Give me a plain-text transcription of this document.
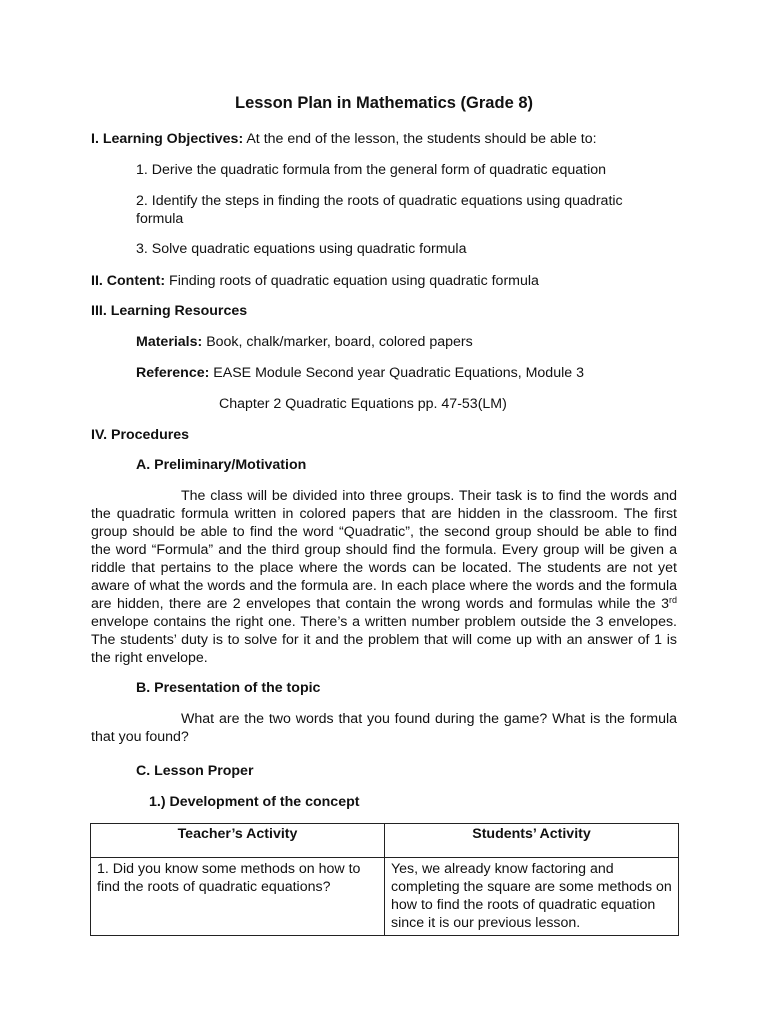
Lesson Plan in Mathematics (Grade 8)
I. Learning Objectives: At the end of the lesson, the students should be able to:
1. Derive the quadratic formula from the general form of quadratic equation
2. Identify the steps in finding the roots of quadratic equations using quadratic formula
3. Solve quadratic equations using quadratic formula
II. Content: Finding roots of quadratic equation using quadratic formula
III. Learning Resources
Materials: Book, chalk/marker, board, colored papers
Reference: EASE Module Second year Quadratic Equations, Module 3
Chapter 2 Quadratic Equations pp. 47-53(LM)
IV. Procedures
A. Preliminary/Motivation
The class will be divided into three groups. Their task is to find the words and the quadratic formula written in colored papers that are hidden in the classroom. The first group should be able to find the word “Quadratic”, the second group should be able to find the word “Formula” and the third group should find the formula. Every group will be given a riddle that pertains to the place where the words can be located. The students are not yet aware of what the words and the formula are. In each place where the words and the formula are hidden, there are 2 envelopes that contain the wrong words and formulas while the 3rd envelope contains the right one. There’s a written number problem outside the 3 envelopes. The students’ duty is to solve for it and the problem that will come up with an answer of 1 is the right envelope.
B. Presentation of the topic
What are the two words that you found during the game? What is the formula that you found?
C. Lesson Proper
1.) Development of the concept
Teacher’s Activity	Students’ Activity
1. Did you know some methods on how to find the roots of quadratic equations?	Yes, we already know factoring and completing the square are some methods on how to find the roots of quadratic equation since it is our previous lesson.
